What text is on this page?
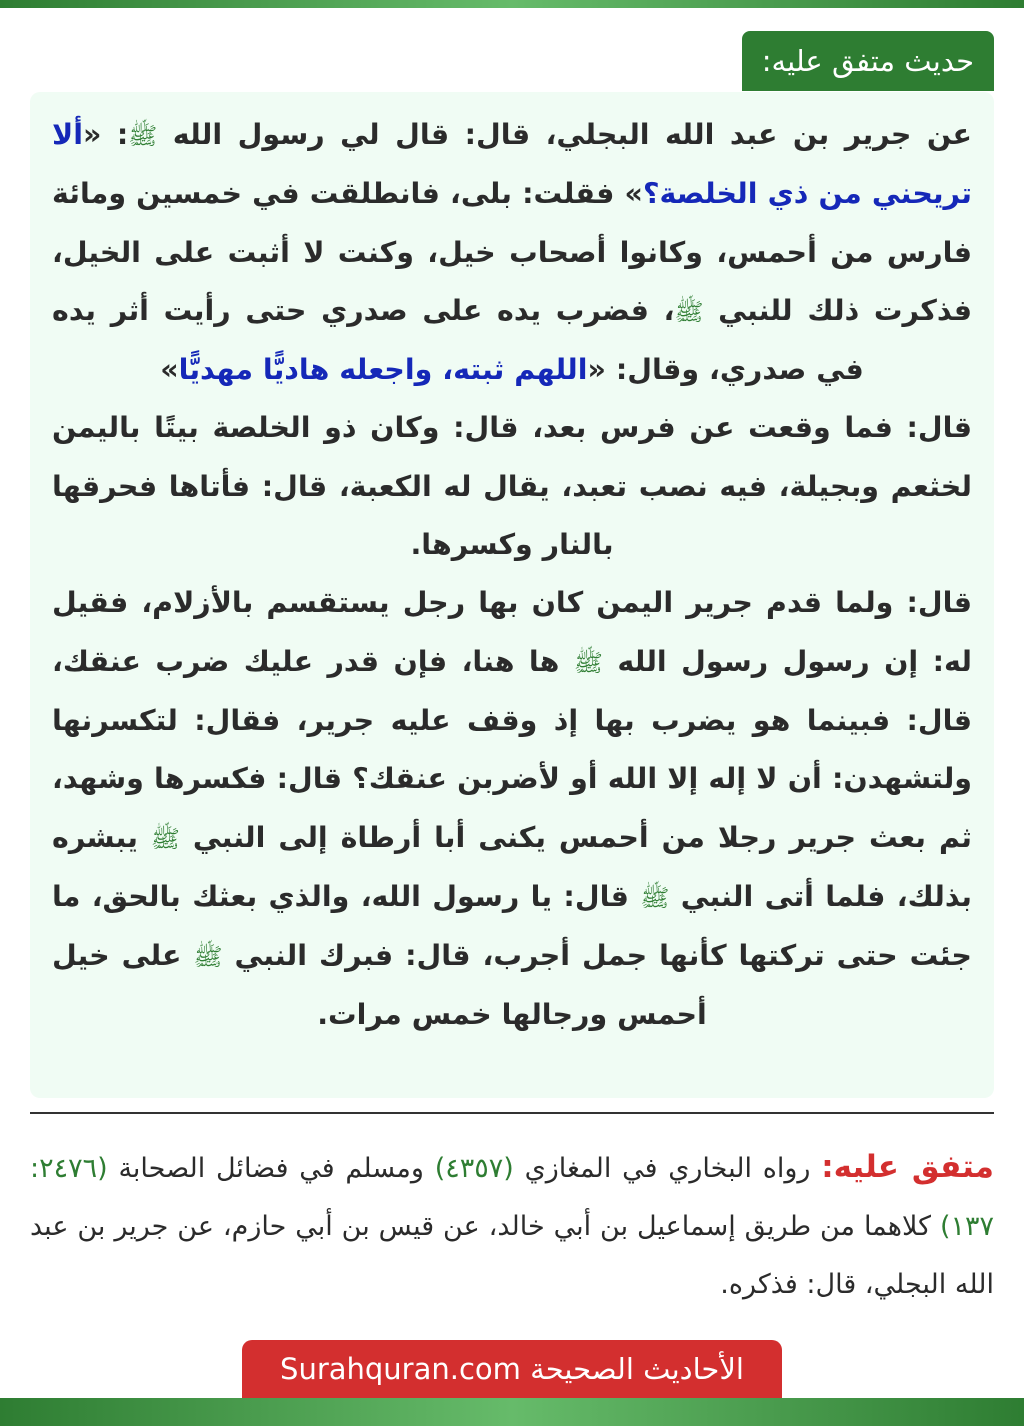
حديث متفق عليه:

عن جرير بن عبد الله البجلي، قال: قال لي رسول الله ﷺ: «ألا تريحني من ذي الخلصة؟» فقلت: بلى، فانطلقت في خمسين ومائة فارس من أحمس، وكانوا أصحاب خيل، وكنت لا أثبت على الخيل، فذكرت ذلك للنبي ﷺ، فضرب يده على صدري حتى رأيت أثر يده في صدري، وقال: «اللهم ثبته، واجعله هاديًّا مهديًّا»

قال: فما وقعت عن فرس بعد، قال: وكان ذو الخلصة بيتًا باليمن لخثعم وبجيلة، فيه نصب تعبد، يقال له الكعبة، قال: فأتاها فحرقها بالنار وكسرها.

قال: ولما قدم جرير اليمن كان بها رجل يستقسم بالأزلام، فقيل له: إن رسول رسول الله ﷺ ها هنا، فإن قدر عليك ضرب عنقك، قال: فبينما هو يضرب بها إذ وقف عليه جرير، فقال: لتكسرنها ولتشهدن: أن لا إله إلا الله أو لأضربن عنقك؟ قال: فكسرها وشهد، ثم بعث جرير رجلا من أحمس يكنى أبا أرطاة إلى النبي ﷺ يبشره بذلك، فلما أتى النبي ﷺ قال: يا رسول الله، والذي بعثك بالحق، ما جئت حتى تركتها كأنها جمل أجرب، قال: فبرك النبي ﷺ على خيل أحمس ورجالها خمس مرات.

متفق عليه: رواه البخاري في المغازي (٤٣٥٧) ومسلم في فضائل الصحابة (٢٤٧٦: ١٣٧) كلاهما من طريق إسماعيل بن أبي خالد، عن قيس بن أبي حازم، عن جرير بن عبد الله البجلي، قال: فذكره.

الأحاديث الصحيحة Surahquran.com
